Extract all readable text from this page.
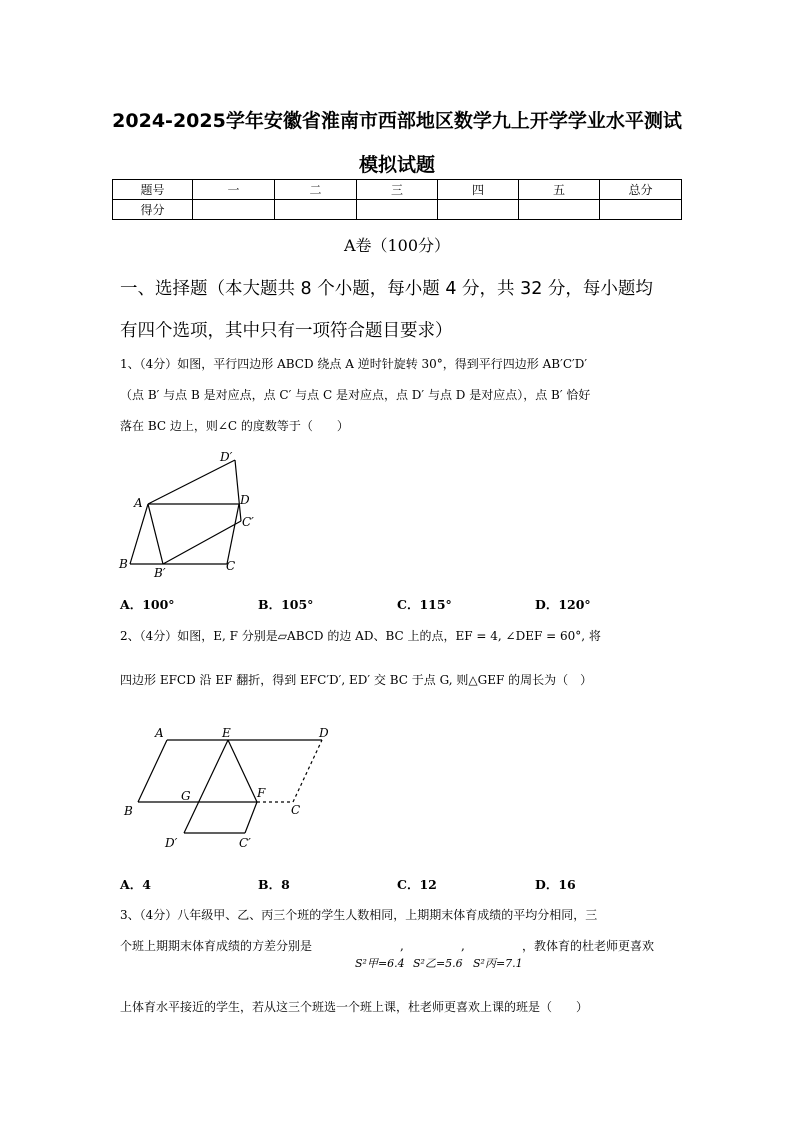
2024-2025学年安徽省淮南市西部地区数学九上开学学业水平测试
模拟试题
题号	一	二	三	四	五	总分
得分						
A卷（100分）
一、选择题（本大题共 8 个小题，每小题 4 分，共 32 分，每小题均
有四个选项，其中只有一项符合题目要求）
1、（4分）如图，平行四边形 ABCD 绕点 A 逆时针旋转 30°，得到平行四边形 AB′C′D′
（点 B′ 与点 B 是对应点，点 C′ 与点 C 是对应点，点 D′ 与点 D 是对应点），点 B′ 恰好
落在 BC 边上，则∠C 的度数等于（　　）
A
B	C
D
B′
C′
D′
A．100°	B．105°	C．115°	D．120°
2、（4分）如图，E, F 分别是▱ABCD 的边 AD、BC 上的点，EF = 4, ∠DEF = 60°, 将
四边形 EFCD 沿 EF 翻折，得到 EFC′D′, ED′ 交 BC 于点 G, 则△GEF 的周长为（　）
A	E	D
B
G	F
C
D′	C′
A．4	B．8	C．12	D．16
3、（4分）八年级甲、乙、丙三个班的学生人数相同，上期期末体育成绩的平均分相同，三
个班上期期末体育成绩的方差分别是	,	,	，教体育的杜老师更喜欢
S²甲=6.4 S²乙=5.6 S²丙=7.1
上体育水平接近的学生，若从这三个班选一个班上课，杜老师更喜欢上课的班是（　　）
